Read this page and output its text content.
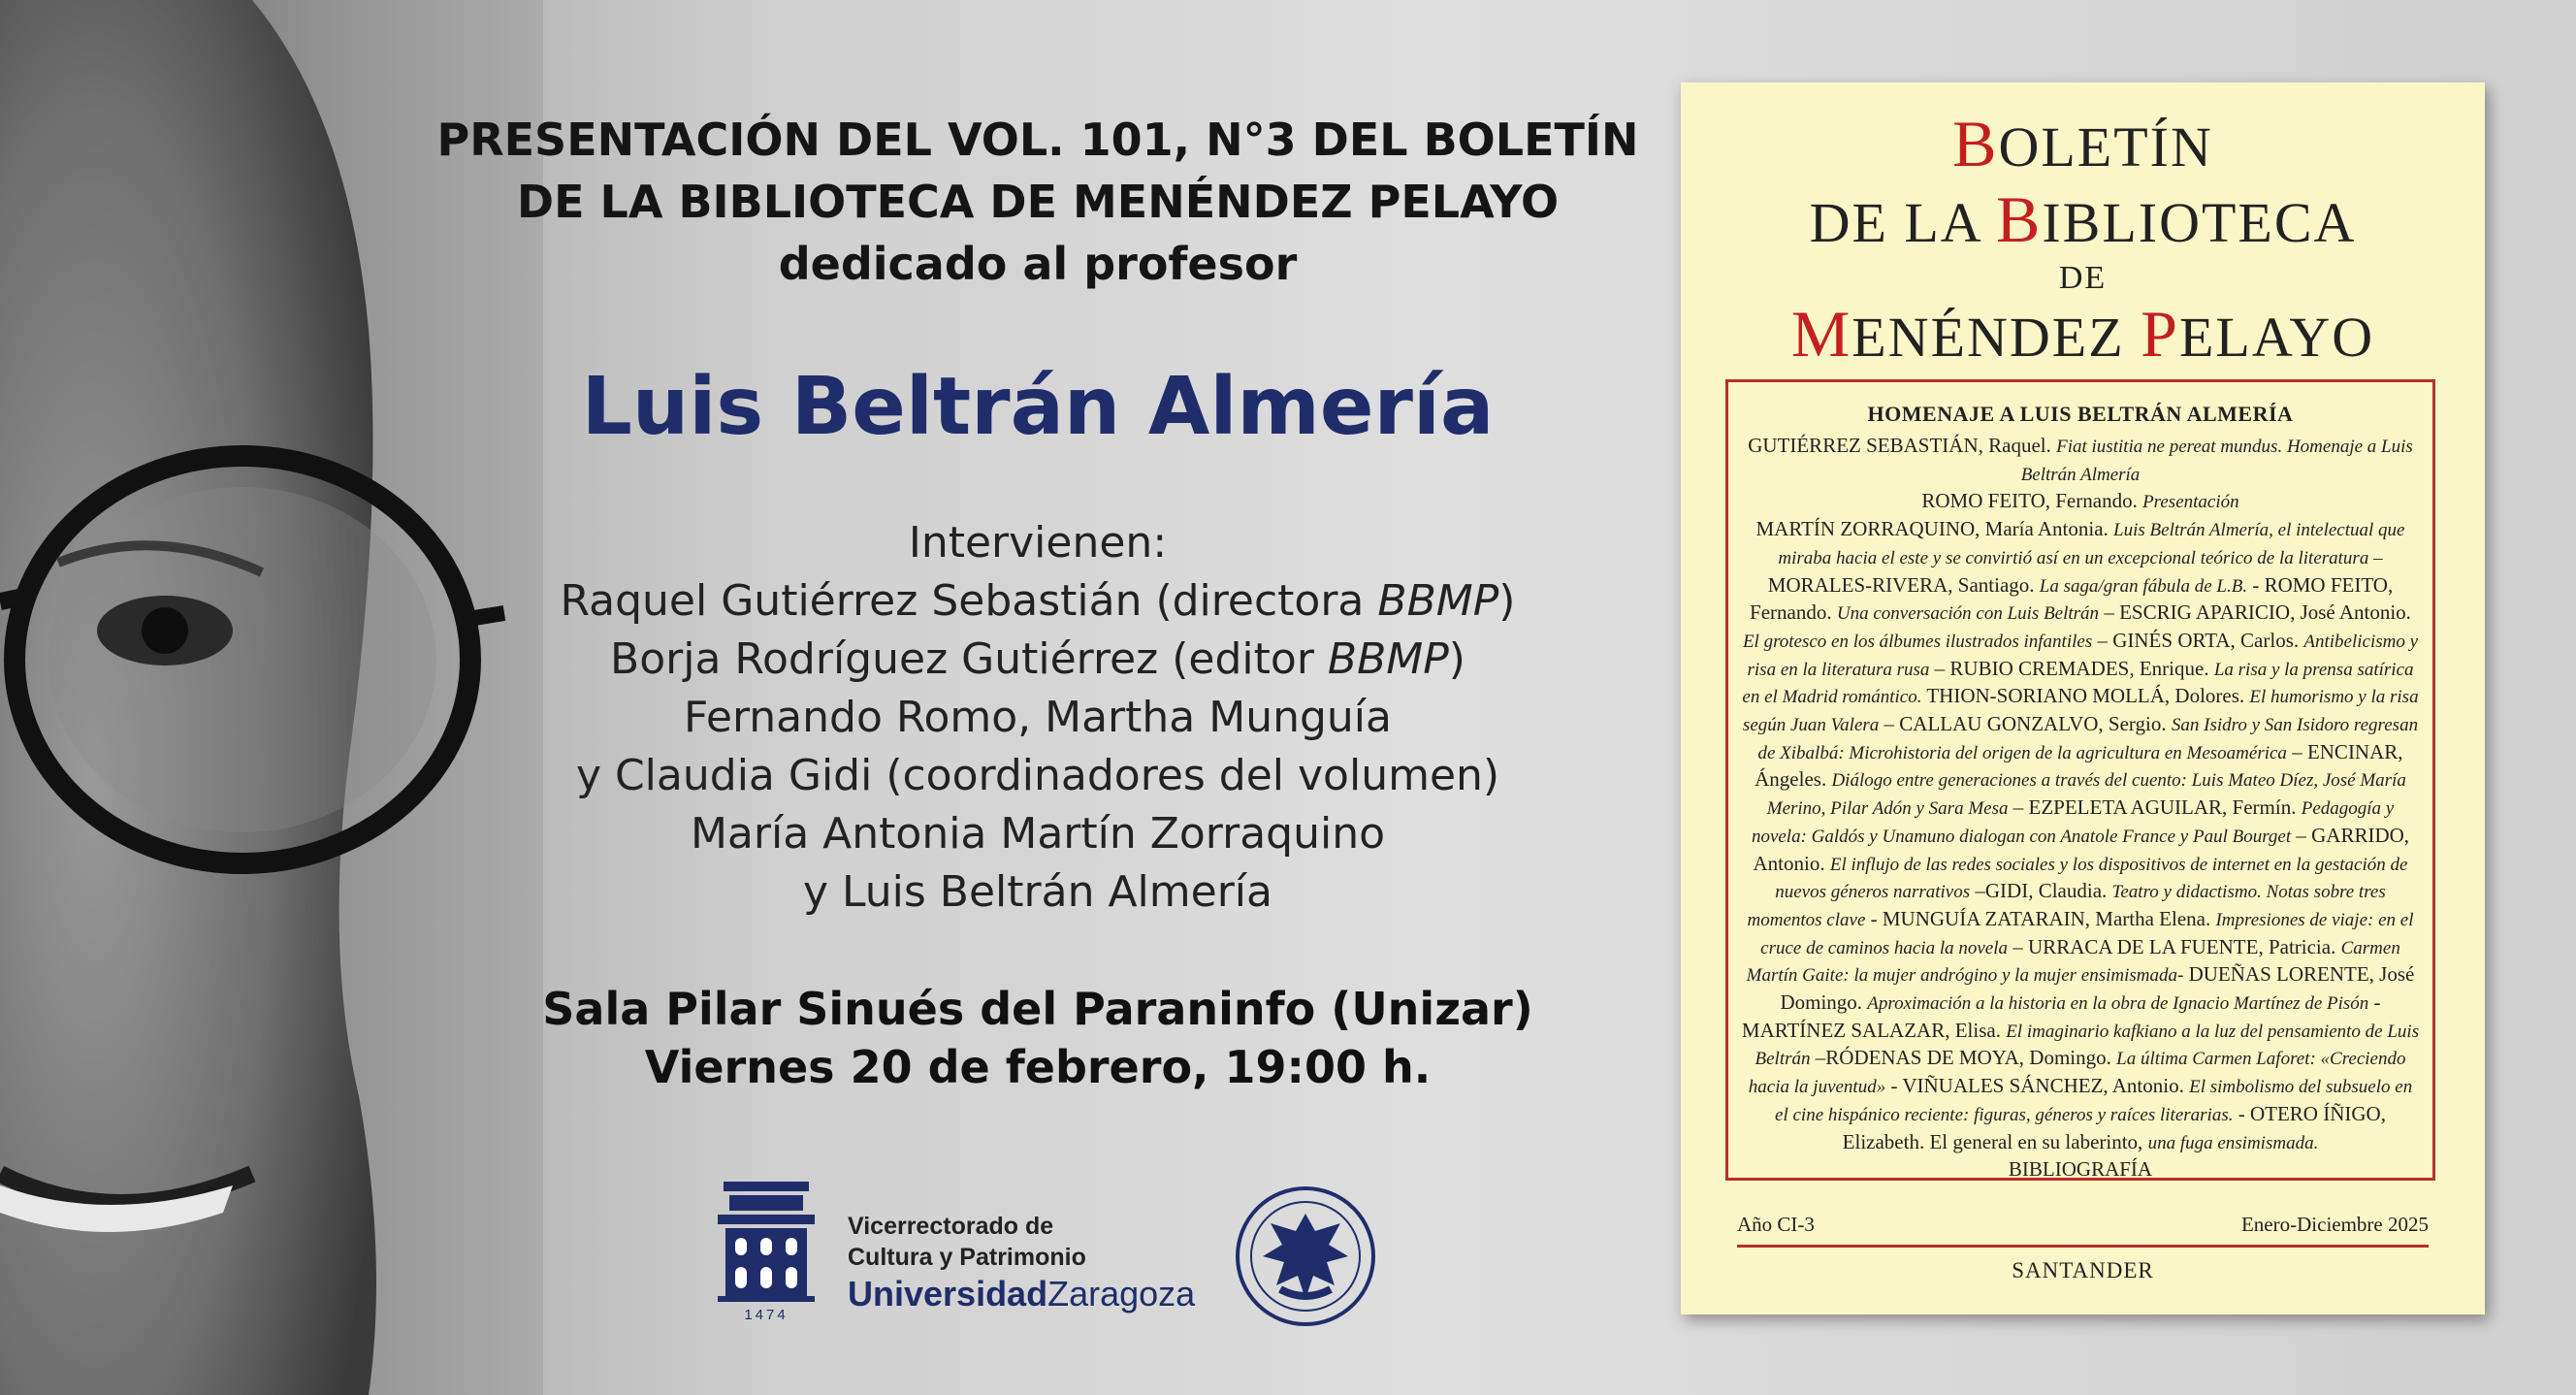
PRESENTACIÓN DEL VOL. 101, N°3 DEL BOLETÍN
DE LA BIBLIOTECA DE MENÉNDEZ PELAYO
dedicado al profesor
Luis Beltrán Almería
Intervienen:
Raquel Gutiérrez Sebastián (directora BBMP)
Borja Rodríguez Gutiérrez (editor BBMP)
Fernando Romo, Martha Munguía
y Claudia Gidi (coordinadores del volumen)
María Antonia Martín Zorraquino
y Luis Beltrán Almería
Sala Pilar Sinués del Paraninfo (Unizar)
Viernes 20 de febrero, 19:00 h.
1474
Vicerrectorado de
Cultura y Patrimonio
UniversidadZaragoza
BOLETÍN
DE LA BIBLIOTECA
DE
MENÉNDEZ PELAYO
HOMENAJE A LUIS BELTRÁN ALMERÍA
GUTIÉRREZ SEBASTIÁN, Raquel. Fiat iustitia ne pereat mundus. Homenaje a Luis Beltrán Almería
ROMO FEITO, Fernando. Presentación
MARTÍN ZORRAQUINO, María Antonia. Luis Beltrán Almería, el intelectual que miraba hacia el este y se convirtió así en un excepcional teórico de la literatura – MORALES-RIVERA, Santiago. La saga/gran fábula de L.B. - ROMO FEITO, Fernando. Una conversación con Luis Beltrán – ESCRIG APARICIO, José Antonio. El grotesco en los álbumes ilustrados infantiles – GINÉS ORTA, Carlos. Antibelicismo y risa en la literatura rusa – RUBIO CREMADES, Enrique. La risa y la prensa satírica en el Madrid romántico. THION-SORIANO MOLLÁ, Dolores. El humorismo y la risa según Juan Valera – CALLAU GONZALVO, Sergio. San Isidro y San Isidoro regresan de Xibalbá: Microhistoria del origen de la agricultura en Mesoamérica – ENCINAR, Ángeles. Diálogo entre generaciones a través del cuento: Luis Mateo Díez, José María Merino, Pilar Adón y Sara Mesa – EZPELETA AGUILAR, Fermín. Pedagogía y novela: Galdós y Unamuno dialogan con Anatole France y Paul Bourget – GARRIDO, Antonio. El influjo de las redes sociales y los dispositivos de internet en la gestación de nuevos géneros narrativos –GIDI, Claudia. Teatro y didactismo. Notas sobre tres momentos clave - MUNGUÍA ZATARAIN, Martha Elena. Impresiones de viaje: en el cruce de caminos hacia la novela – URRACA DE LA FUENTE, Patricia. Carmen Martín Gaite: la mujer andrógino y la mujer ensimismada- DUEÑAS LORENTE, José Domingo. Aproximación a la historia en la obra de Ignacio Martínez de Pisón - MARTÍNEZ SALAZAR, Elisa. El imaginario kafkiano a la luz del pensamiento de Luis Beltrán –RÓDENAS DE MOYA, Domingo. La última Carmen Laforet: «Creciendo hacia la juventud» - VIÑUALES SÁNCHEZ, Antonio. El simbolismo del subsuelo en el cine hispánico reciente: figuras, géneros y raíces literarias. - OTERO ÍÑIGO, Elizabeth. El general en su laberinto, una fuga ensimismada.
BIBLIOGRAFÍA
Año CI-3	Enero-Diciembre 2025
SANTANDER
